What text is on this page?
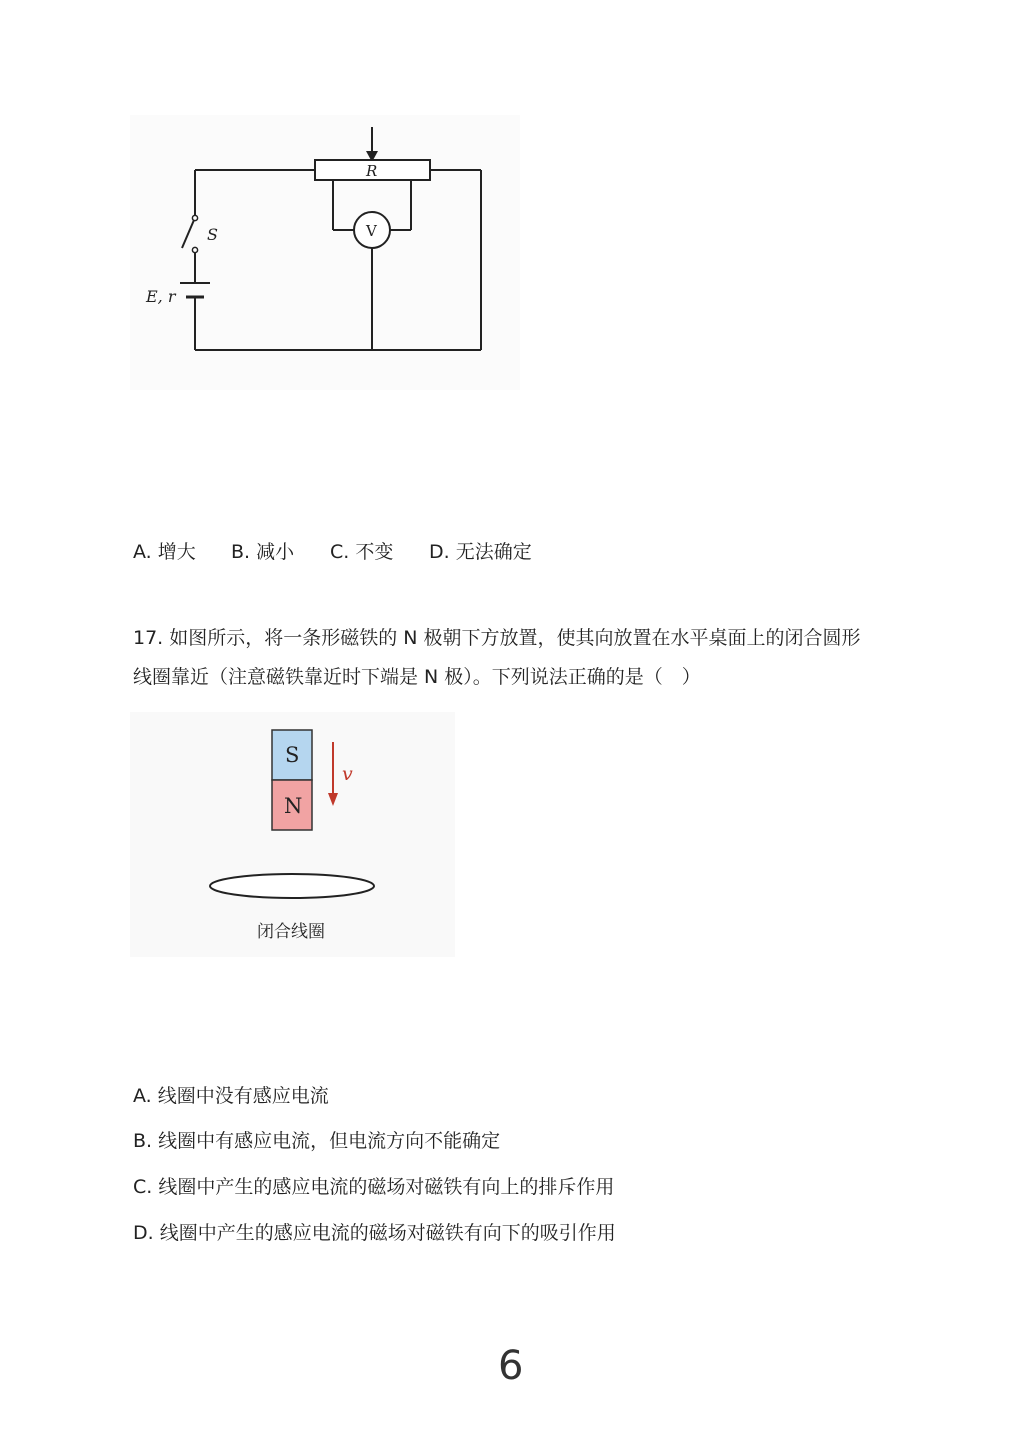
R
S
E, r
V
A. 增大 B. 减小 C. 不变 D. 无法确定
17. 如图所示，将一条形磁铁的 N 极朝下方放置，使其向放置在水平桌面上的闭合圆形
线圈靠近（注意磁铁靠近时下端是 N 极）。下列说法正确的是（　）
S
N
v
闭合线圈
A. 线圈中没有感应电流
B. 线圈中有感应电流，但电流方向不能确定
C. 线圈中产生的感应电流的磁场对磁铁有向上的排斥作用
D. 线圈中产生的感应电流的磁场对磁铁有向下的吸引作用
6
